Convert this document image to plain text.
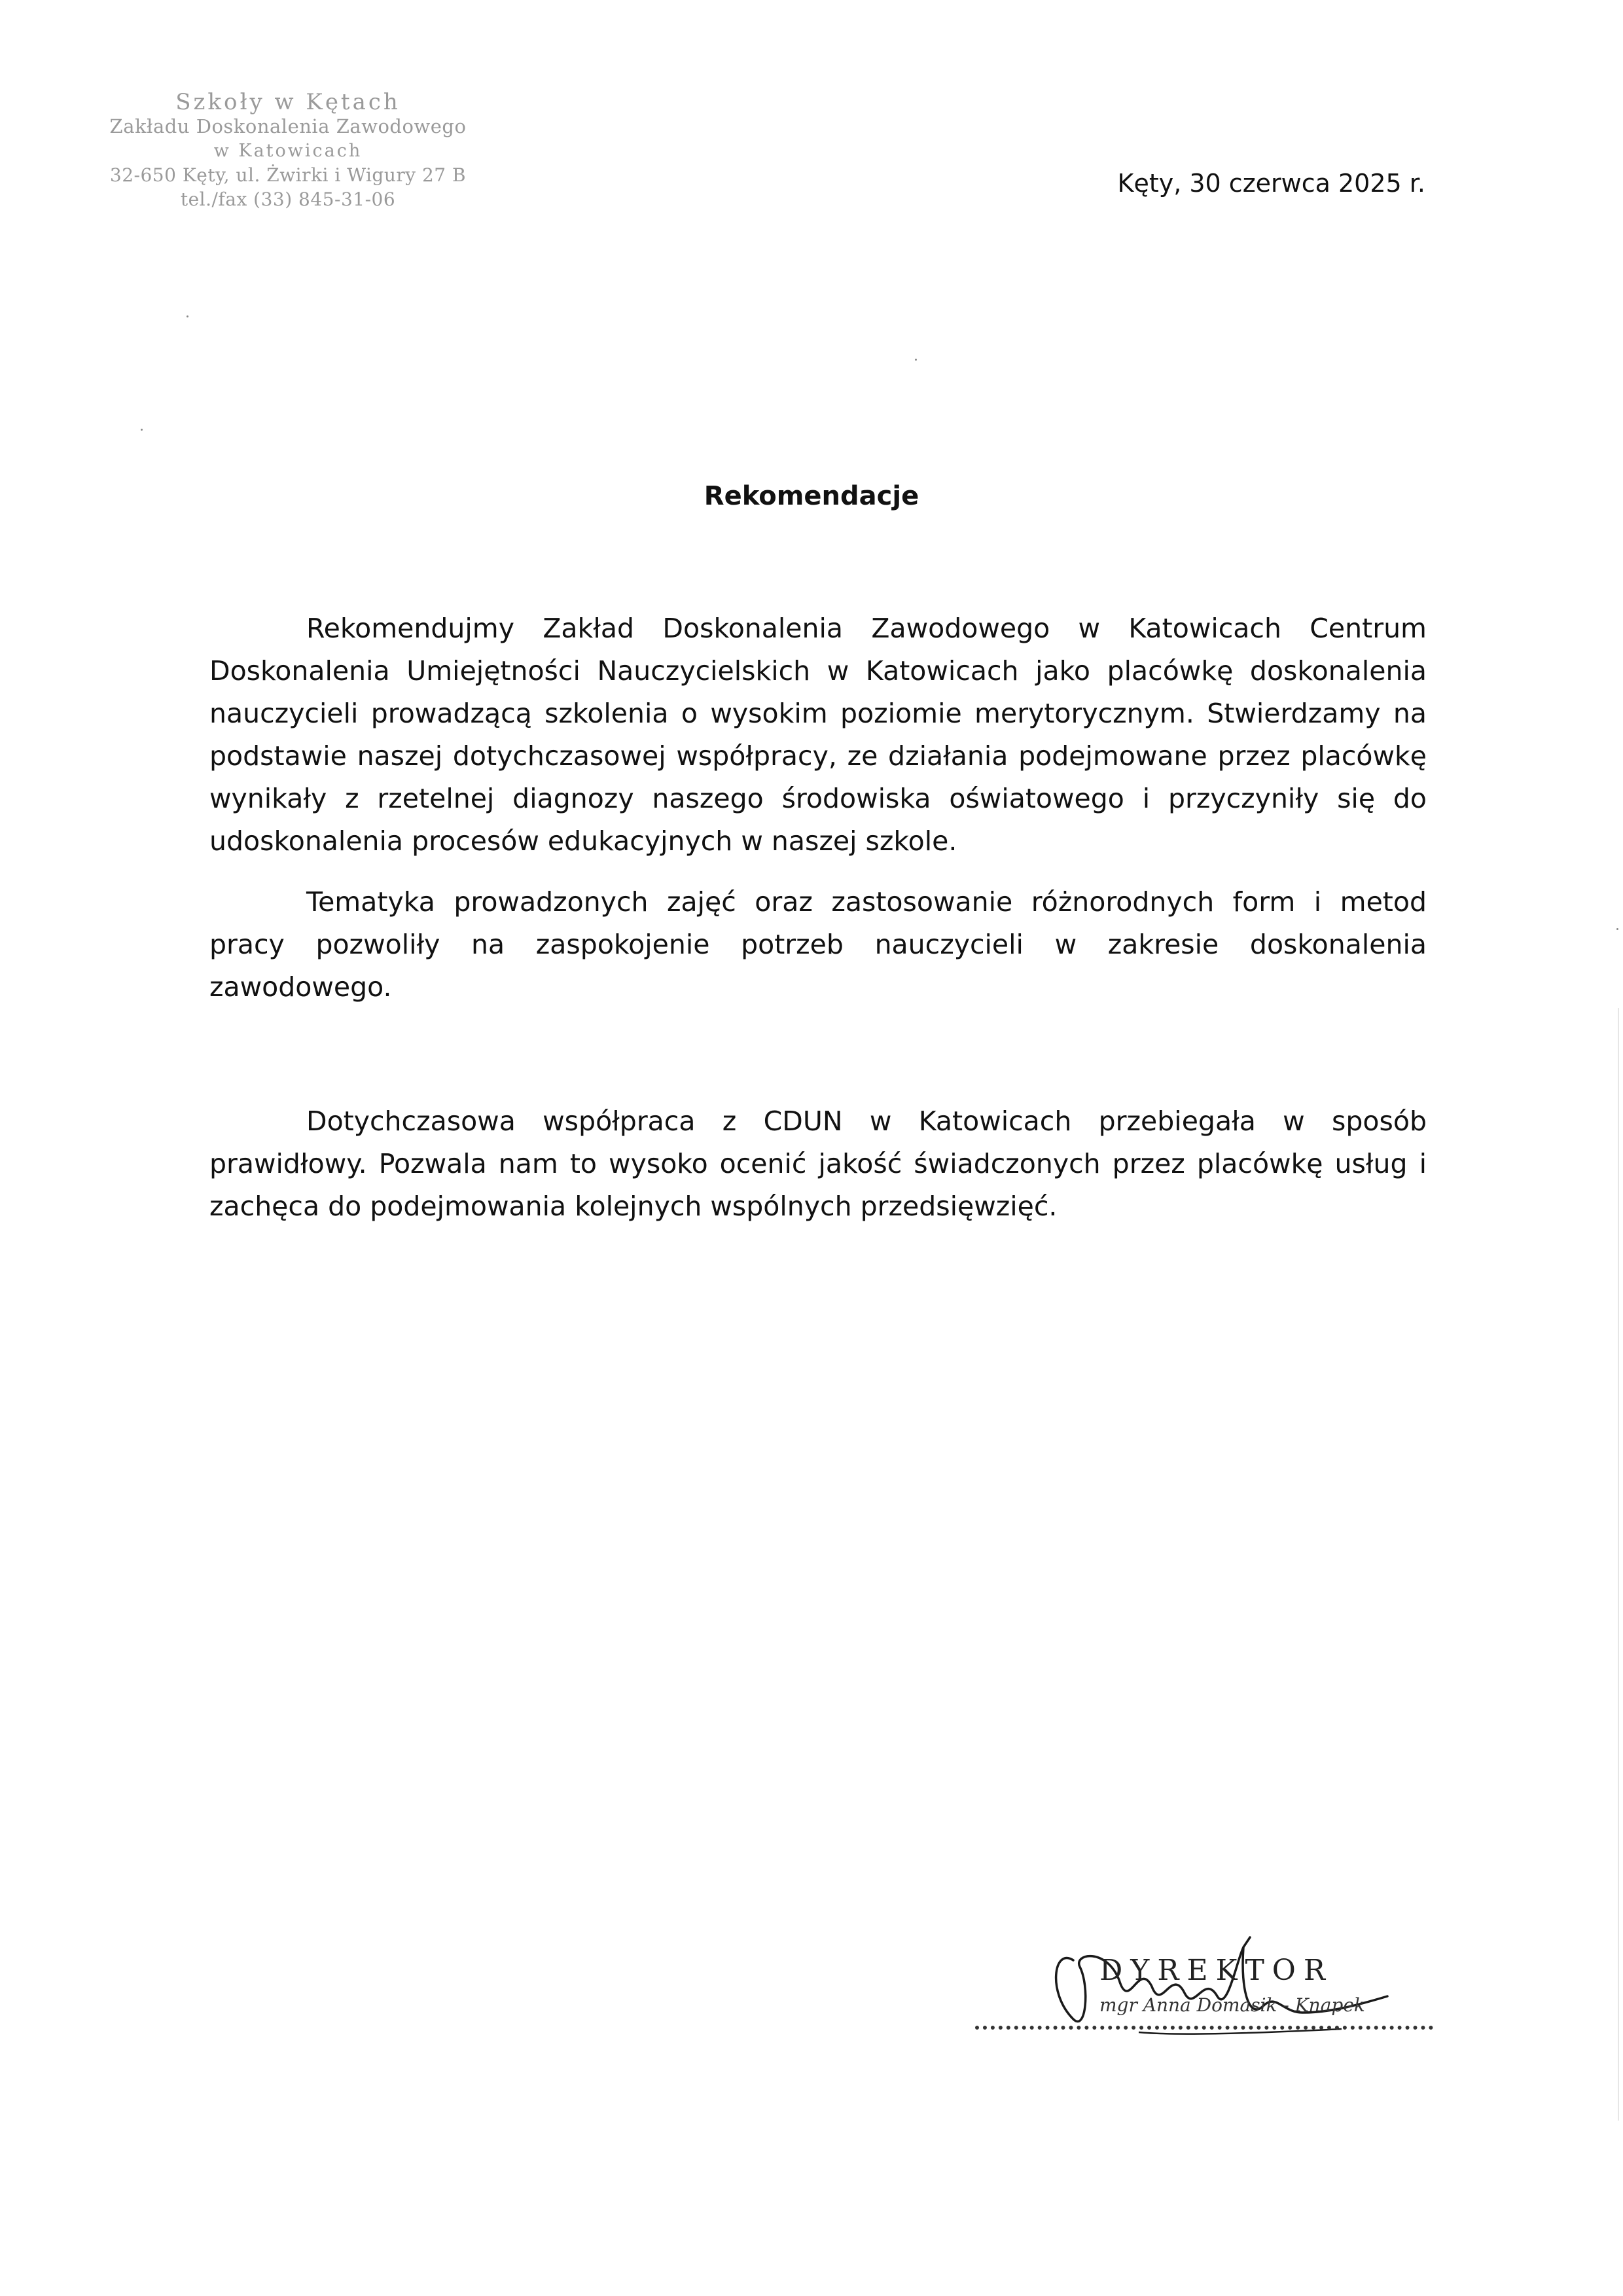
Szkoły w Kętach
Zakładu Doskonalenia Zawodowego
w Katowicach
32-650 Kęty, ul. Żwirki i Wigury 27 B
tel./fax (33) 845-31-06
Kęty, 30 czerwca 2025 r.
Rekomendacje

Rekomendujmy Zakład Doskonalenia Zawodowego w Katowicach Centrum Doskonalenia Umiejętności Nauczycielskich w Katowicach jako placówkę doskonalenia nauczycieli prowadzącą szkolenia o wysokim poziomie merytorycznym. Stwierdzamy na podstawie naszej dotychczasowej współpracy, ze działania podejmowane przez placówkę wynikały z rzetelnej diagnozy naszego środowiska oświatowego i przyczyniły się do udoskonalenia procesów edukacyjnych w naszej szkole.

Tematyka prowadzonych zajęć oraz zastosowanie różnorodnych form i metod pracy pozwoliły na zaspokojenie potrzeb nauczycieli w zakresie doskonalenia zawodowego.

Dotychczasowa współpraca z CDUN w Katowicach przebiegała w sposób prawidłowy. Pozwala nam to wysoko ocenić jakość świadczonych przez placówkę usług i zachęca do podejmowania kolejnych wspólnych przedsięwzięć.

DYREKTOR
mgr Anna Domasik - Knapek
